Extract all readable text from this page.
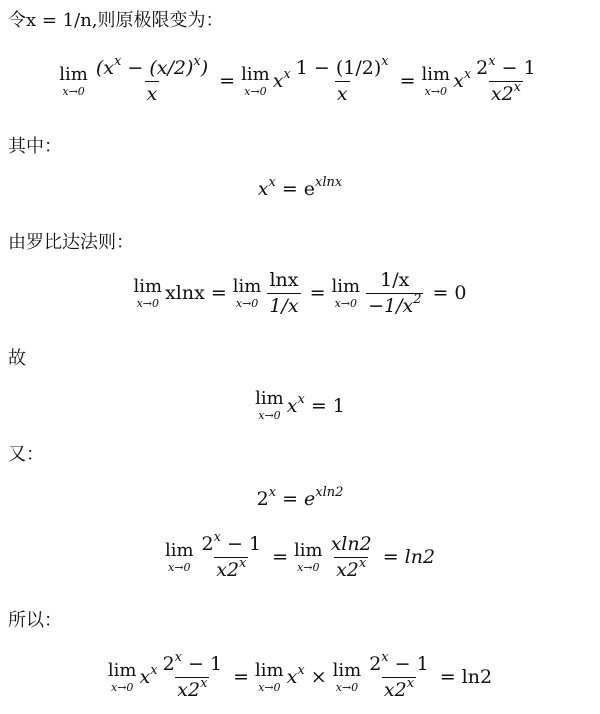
令x = 1/n,则原极限变为：
lim
$x\to 0 \frac{(x^x - (x/2)^x)}{x} = \lim$
x→0 $x^x \frac{1 - (1/2)^x}{x} = \lim$
x→0 $x^x \frac{2^x - 1}{x2^x}$
其中：
$x^x = e^{xlnx}$
由罗比达法则：
lim
x→0 xlnx = lim
$x\to 0 \frac{\ln x}{1/x} = \lim$
$x\to 0 \frac{1/x}{-1/x^2} = 0$
故
lim
x→0 $x^x = 1$
又：
$2^x = e^{xln2}$
lim
$x\to 0 \frac{2^x - 1}{x2^x} = \lim$
$x\to 0 \frac{xln2}{x2^x} = \ln 2$
所以：
lim
x→0 $x^x \frac{2^x - 1}{x2^x} = \lim$
x→0 $x^x \times \lim$
$x\to 0 \frac{2^x - 1}{x2^x} = \ln 2$
